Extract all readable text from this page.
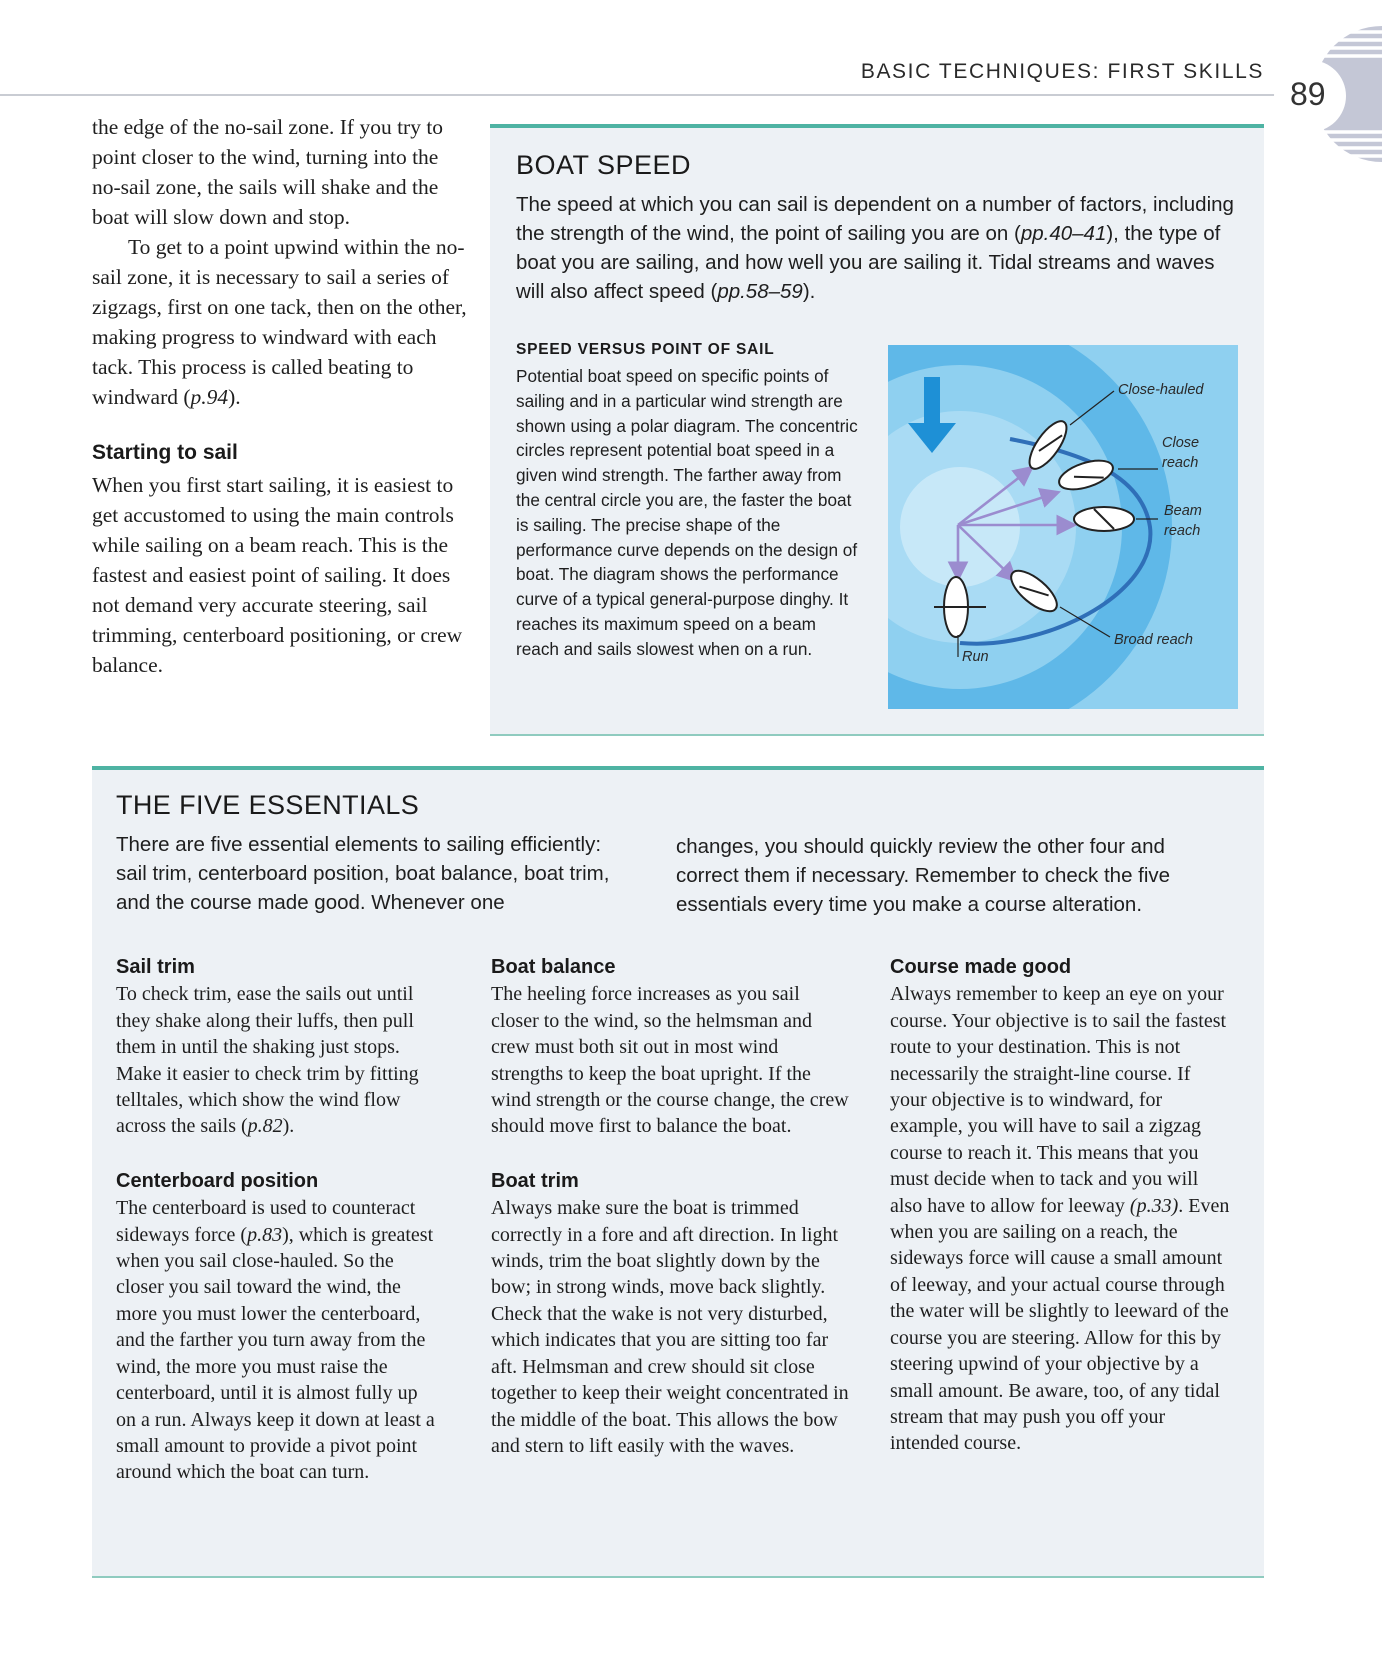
BASIC TECHNIQUES: FIRST SKILLS
89

the edge of the no-sail zone. If you try to point closer to the wind, turning into the no-sail zone, the sails will shake and the boat will slow down and stop.

To get to a point upwind within the no-sail zone, it is necessary to sail a series of zigzags, first on one tack, then on the other, making progress to windward with each tack. This process is called beating to windward (p.94).

Starting to sail

When you first start sailing, it is easiest to get accustomed to using the main controls while sailing on a beam reach. This is the fastest and easiest point of sailing. It does not demand very accurate steering, sail trimming, centerboard positioning, or crew balance.

BOAT SPEED

The speed at which you can sail is dependent on a number of factors, including the strength of the wind, the point of sailing you are on (pp.40–41), the type of boat you are sailing, and how well you are sailing it. Tidal streams and waves will also affect speed (pp.58–59).

SPEED VERSUS POINT OF SAIL

Potential boat speed on specific points of sailing and in a particular wind strength are shown using a polar diagram. The concentric circles represent potential boat speed in a given wind strength. The farther away from the central circle you are, the faster the boat is sailing. The precise shape of the performance curve depends on the design of boat. The diagram shows the performance curve of a typical general-purpose dinghy. It reaches its maximum speed on a beam reach and sails slowest when on a run.

Close-hauled
Close
reach
Beam
reach
Broad reach
Run
THE FIVE ESSENTIALS

There are five essential elements to sailing efficiently: sail trim, centerboard position, boat balance, boat trim, and the course made good. Whenever one

changes, you should quickly review the other four and correct them if necessary. Remember to check the five essentials every time you make a course alteration.

Sail trim

To check trim, ease the sails out until they shake along their luffs, then pull them in until the shaking just stops. Make it easier to check trim by fitting telltales, which show the wind flow across the sails (p.82).

Centerboard position

The centerboard is used to counteract sideways force (p.83), which is greatest when you sail close-hauled. So the closer you sail toward the wind, the more you must lower the centerboard, and the farther you turn away from the wind, the more you must raise the centerboard, until it is almost fully up on a run. Always keep it down at least a small amount to provide a pivot point around which the boat can turn.

Boat balance

The heeling force increases as you sail closer to the wind, so the helmsman and crew must both sit out in most wind strengths to keep the boat upright. If the wind strength or the course change, the crew should move first to balance the boat.

Boat trim

Always make sure the boat is trimmed correctly in a fore and aft direction. In light winds, trim the boat slightly down by the bow; in strong winds, move back slightly. Check that the wake is not very disturbed, which indicates that you are sitting too far aft. Helmsman and crew should sit close together to keep their weight concentrated in the middle of the boat. This allows the bow and stern to lift easily with the waves.

Course made good

Always remember to keep an eye on your course. Your objective is to sail the fastest route to your destination. This is not necessarily the straight-line course. If your objective is to windward, for example, you will have to sail a zigzag course to reach it. This means that you must decide when to tack and you will also have to allow for leeway (p.33). Even when you are sailing on a reach, the sideways force will cause a small amount of leeway, and your actual course through the water will be slightly to leeward of the course you are steering. Allow for this by steering upwind of your objective by a small amount. Be aware, too, of any tidal stream that may push you off your intended course.
